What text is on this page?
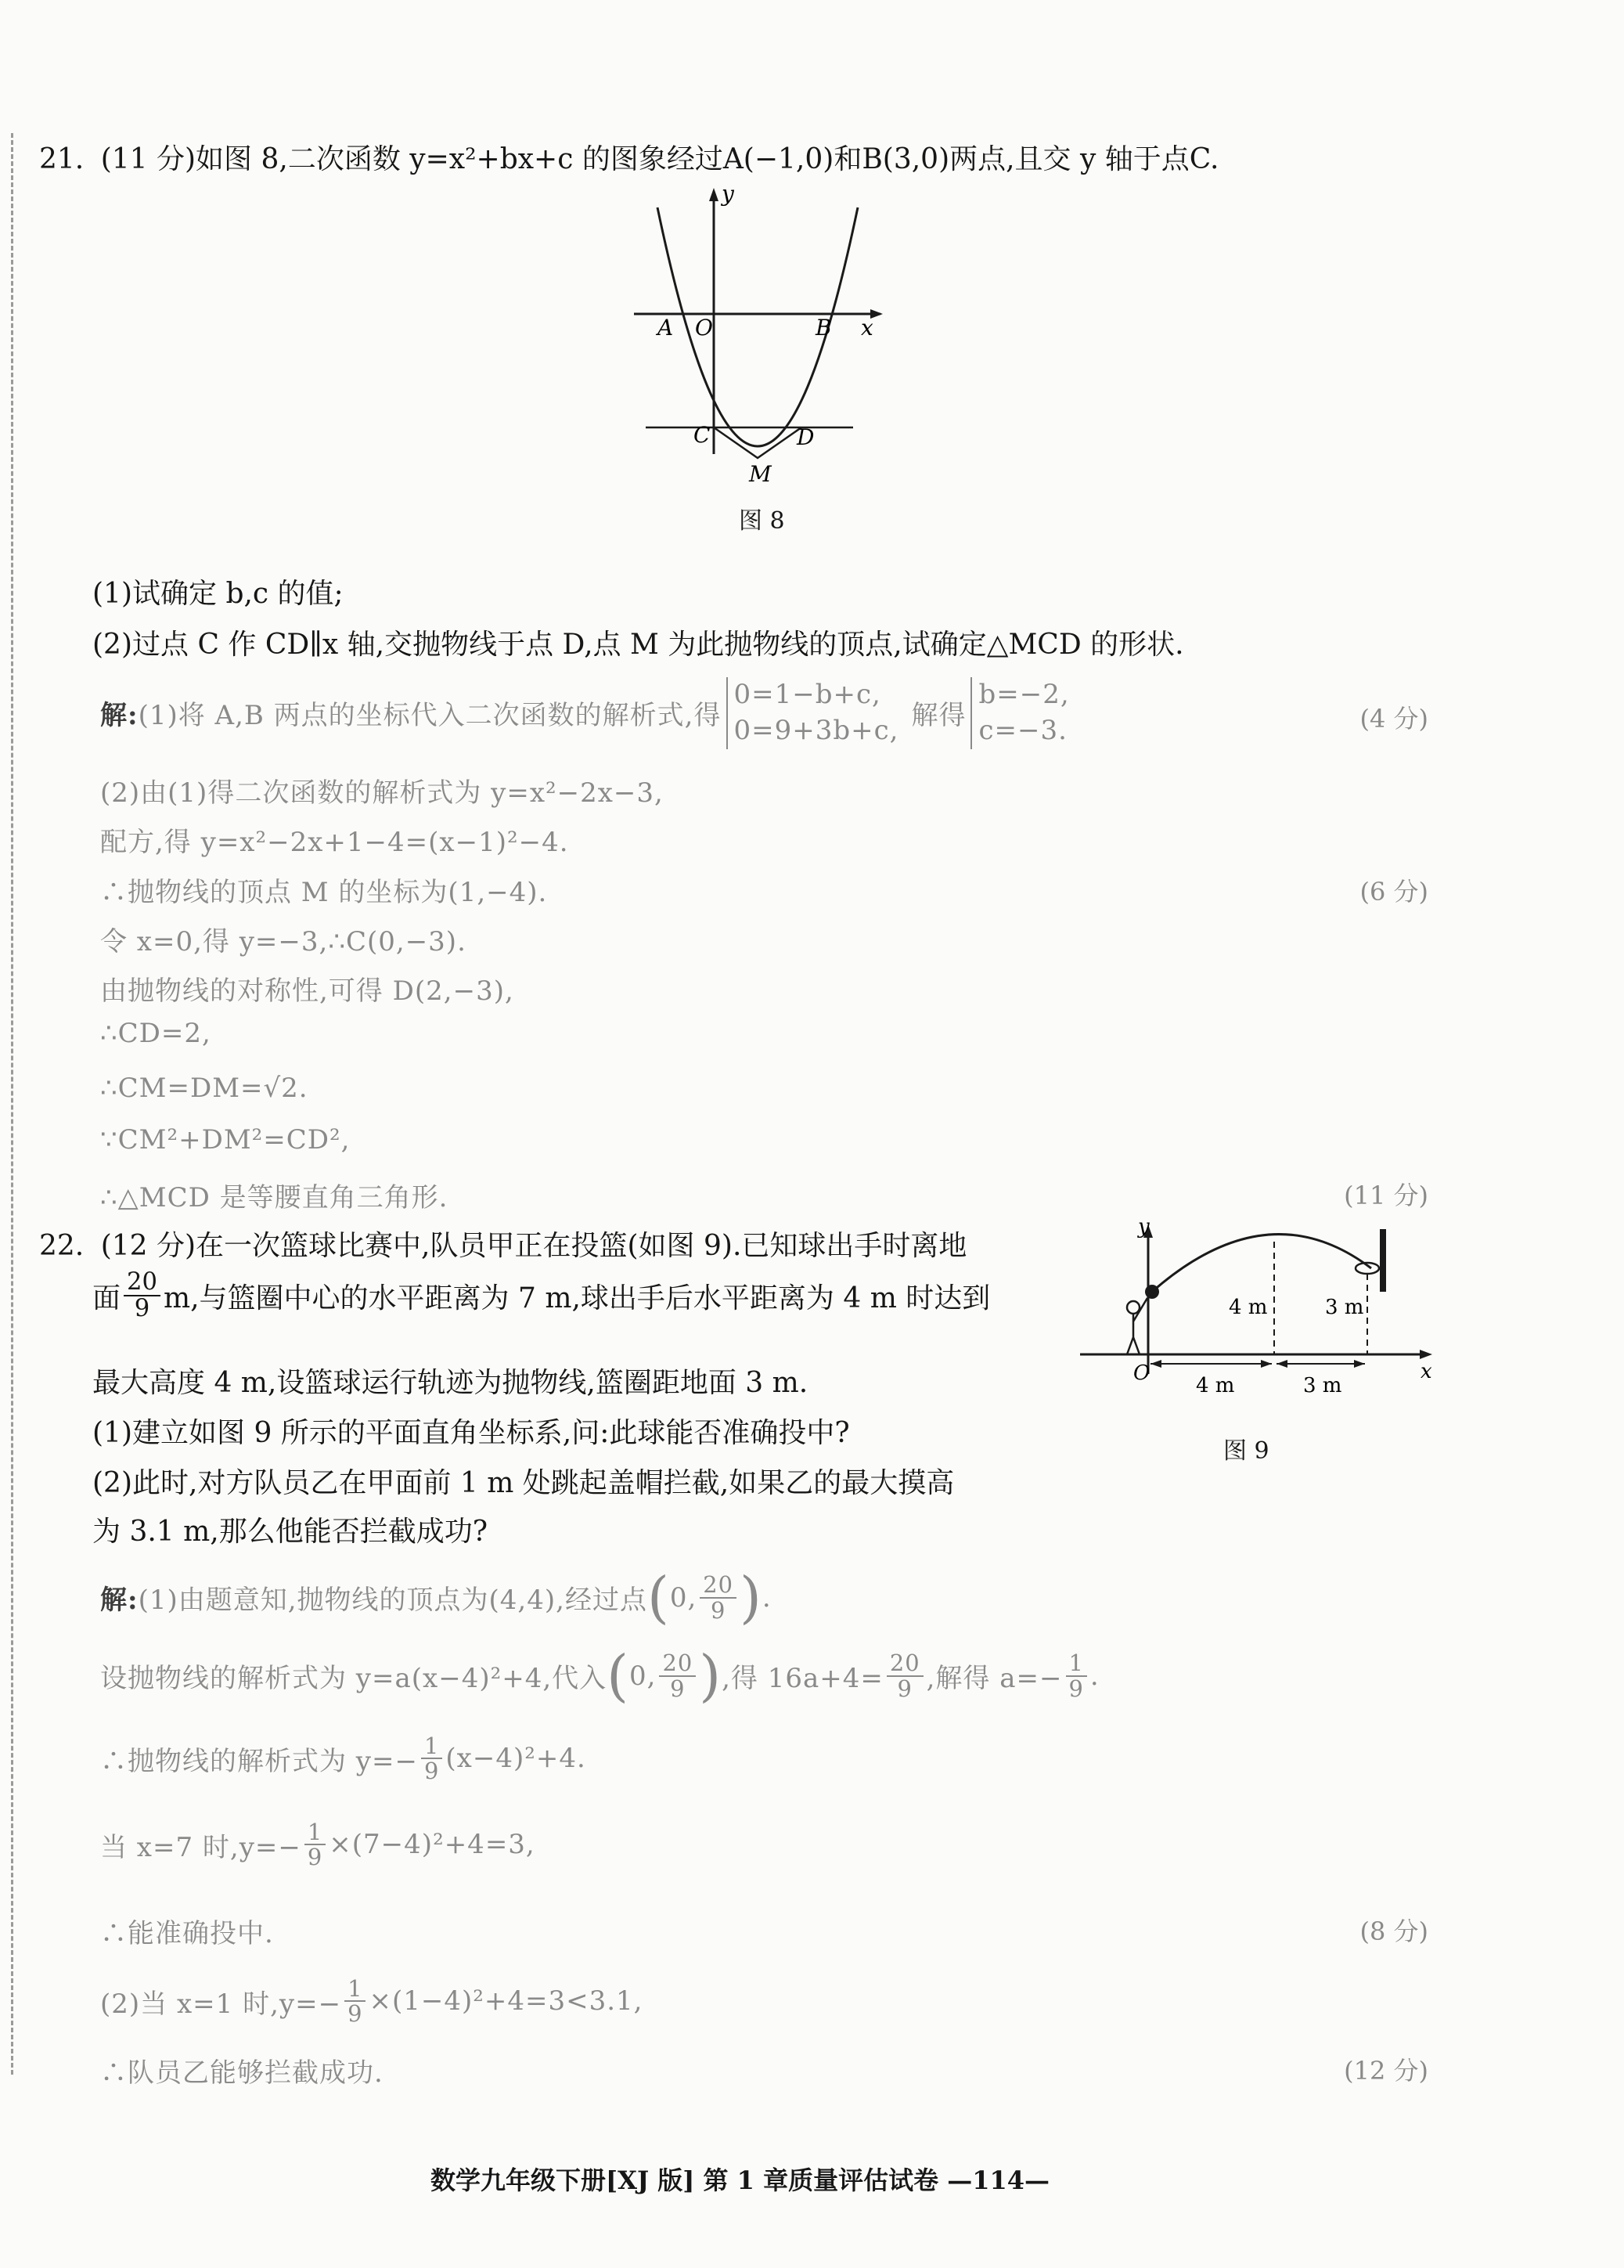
21. (11 分)如图 8,二次函数 y=x²+bx+c 的图象经过A(−1,0)和B(3,0)两点,且交 y 轴于点C.
y
x
A O	B
C	D
M
图 8
(1)试确定 b,c 的值;
(2)过点 C 作 CD∥x 轴,交抛物线于点 D,点 M 为此抛物线的顶点,试确定△MCD 的形状.
解: (1)将 A,B 两点的坐标代入二次函数的解析式,得
0=1−b+c,
0=9+3b+c, 解得
b=−2,
c=−3.	(4 分)
(2)由(1)得二次函数的解析式为 y=x²−2x−3,
配方,得 y=x²−2x+1−4=(x−1)²−4.
∴抛物线的顶点 M 的坐标为(1,−4).	(6 分)
令 x=0,得 y=−3,∴C(0,−3).
由抛物线的对称性,可得 D(2,−3),
∴CD=2,
∴CM=DM=√2.
∵CM²+DM²=CD²,
∴△MCD 是等腰直角三角形.	(11 分)
22. (12 分)在一次篮球比赛中,队员甲正在投篮(如图 9).已知球出手时离地
面 $\frac{20}{9} m$,与篮圈中心的水平距离为 7 m,球出手后水平距离为 4 m 时达到
最大高度 4 m,设篮球运行轨迹为抛物线,篮圈距地面 3 m.
(1)建立如图 9 所示的平面直角坐标系,问:此球能否准确投中?
(2)此时,对方队员乙在甲面前 1 m 处跳起盖帽拦截,如果乙的最大摸高
为 3.1 m,那么他能否拦截成功?
y
x
O
4 m	3 m
4 m	3 m
图 9
解: (1)由题意知,抛物线的顶点为(4,4),经过点 ( 0, $\frac{20}{9}$ ) .
设抛物线的解析式为 y=a(x−4)²+4,代入 ( 0, $\frac{20}{9}$ ) ,得 $16a+4= \frac{20}{9}$ ,解得 $a=- \frac{1}{9}$ .
∴抛物线的解析式为 $y=- \frac{1}{9} (x-4)^2+4$.
当 x=7 时$,y=- \frac{1}{9} \times(7-4)^2+4=3$,
∴能准确投中.	(8 分)
(2)当 x=1 时$,y=- \frac{1}{9} \times(1-4)^2+4=3<3.1$,
∴队员乙能够拦截成功.	(12 分)
数学九年级下册[XJ 版] 第 1 章质量评估试卷 —114—
